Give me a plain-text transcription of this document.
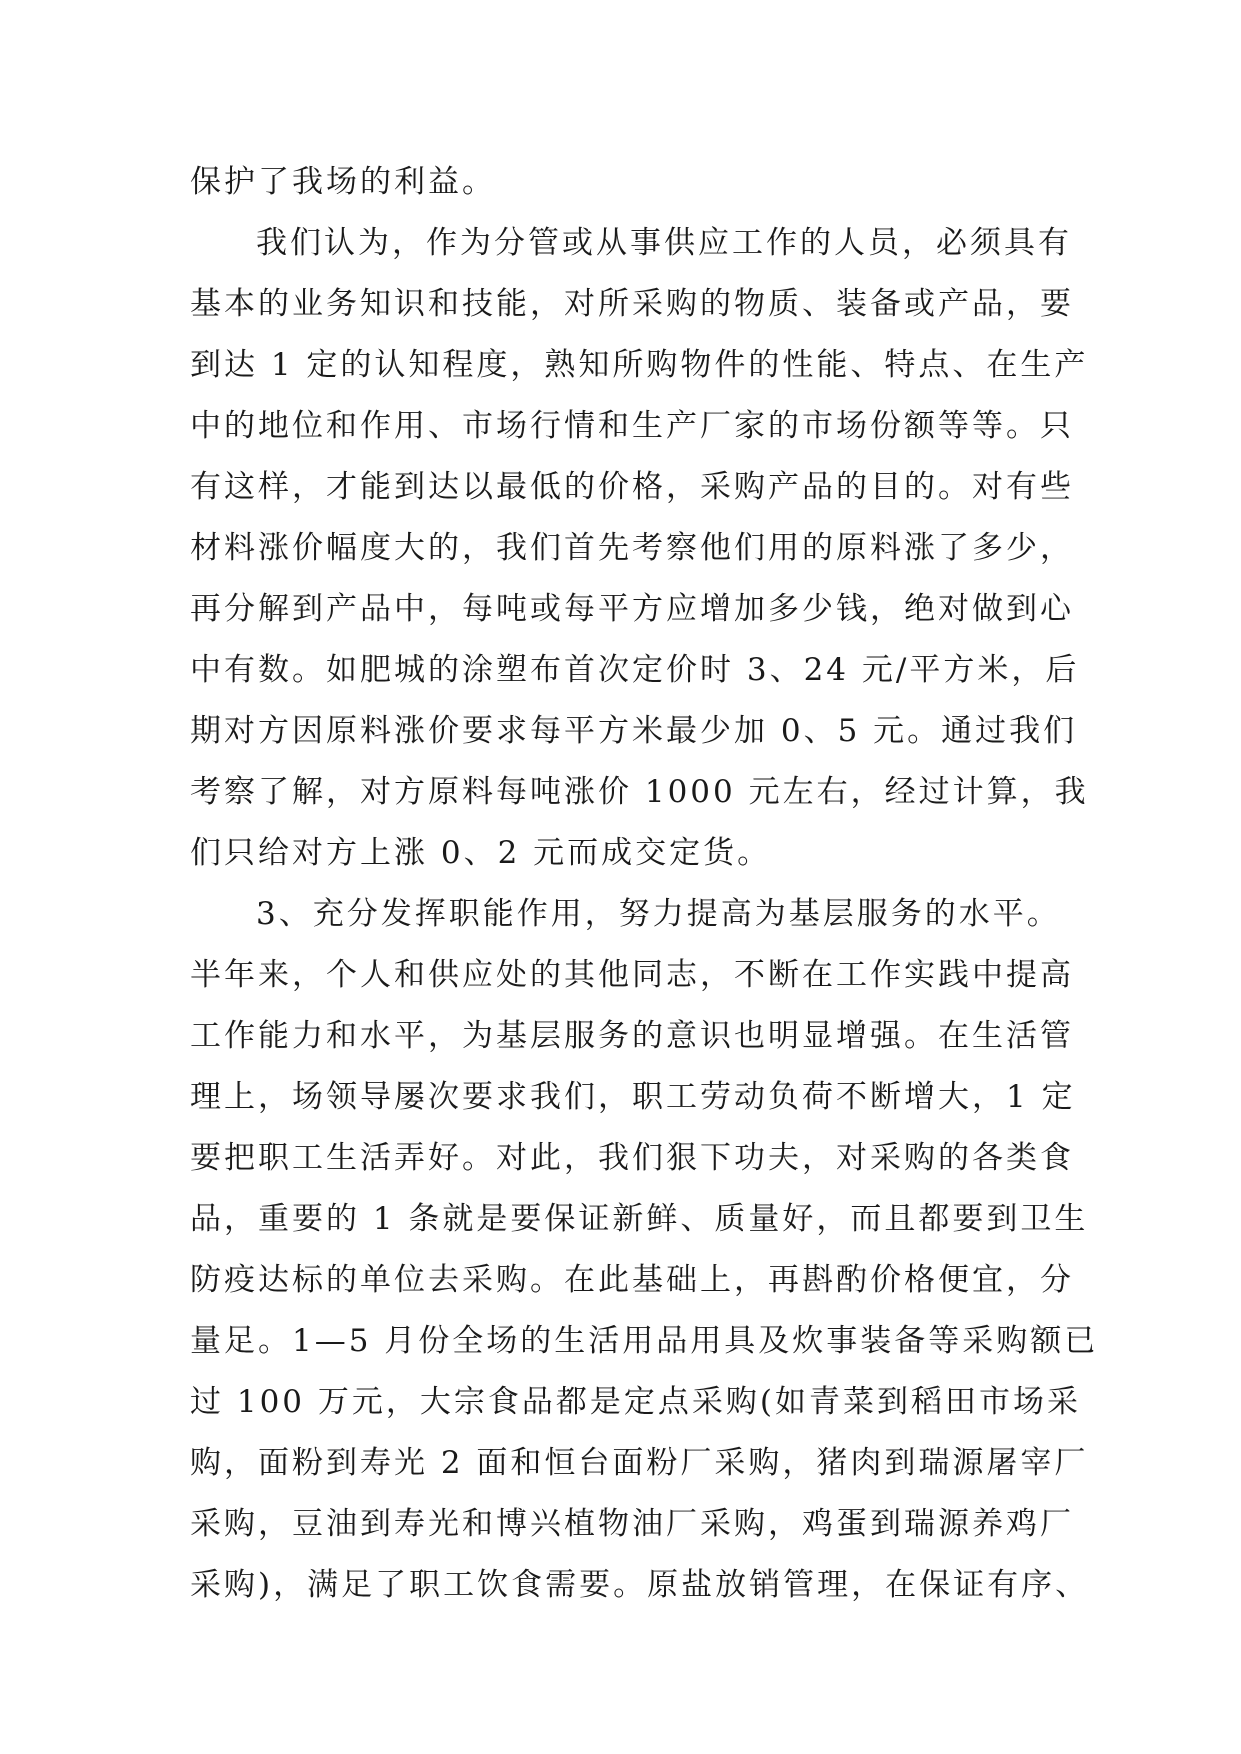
保护了我场的利益。
我们认为，作为分管或从事供应工作的人员，必须具有
基本的业务知识和技能，对所采购的物质、装备或产品，要
到达 1 定的认知程度，熟知所购物件的性能、特点、在生产
中的地位和作用、市场行情和生产厂家的市场份额等等。只
有这样，才能到达以最低的价格，采购产品的目的。对有些
材料涨价幅度大的，我们首先考察他们用的原料涨了多少，
再分解到产品中，每吨或每平方应增加多少钱，绝对做到心
中有数。如肥城的涂塑布首次定价时 3、24 元/平方米，后
期对方因原料涨价要求每平方米最少加 0、5 元。通过我们
考察了解，对方原料每吨涨价 1000 元左右，经过计算，我
们只给对方上涨 0、2 元而成交定货。
3、充分发挥职能作用，努力提高为基层服务的水平。
半年来，个人和供应处的其他同志，不断在工作实践中提高
工作能力和水平，为基层服务的意识也明显增强。在生活管
理上，场领导屡次要求我们，职工劳动负荷不断增大，1 定
要把职工生活弄好。对此，我们狠下功夫，对采购的各类食
品，重要的 1 条就是要保证新鲜、质量好，而且都要到卫生
防疫达标的单位去采购。在此基础上，再斟酌价格便宜，分
量足。1—5 月份全场的生活用品用具及炊事装备等采购额已
过 100 万元，大宗食品都是定点采购(如青菜到稻田市场采
购，面粉到寿光 2 面和恒台面粉厂采购，猪肉到瑞源屠宰厂
采购，豆油到寿光和博兴植物油厂采购，鸡蛋到瑞源养鸡厂
采购)，满足了职工饮食需要。原盐放销管理，在保证有序、
